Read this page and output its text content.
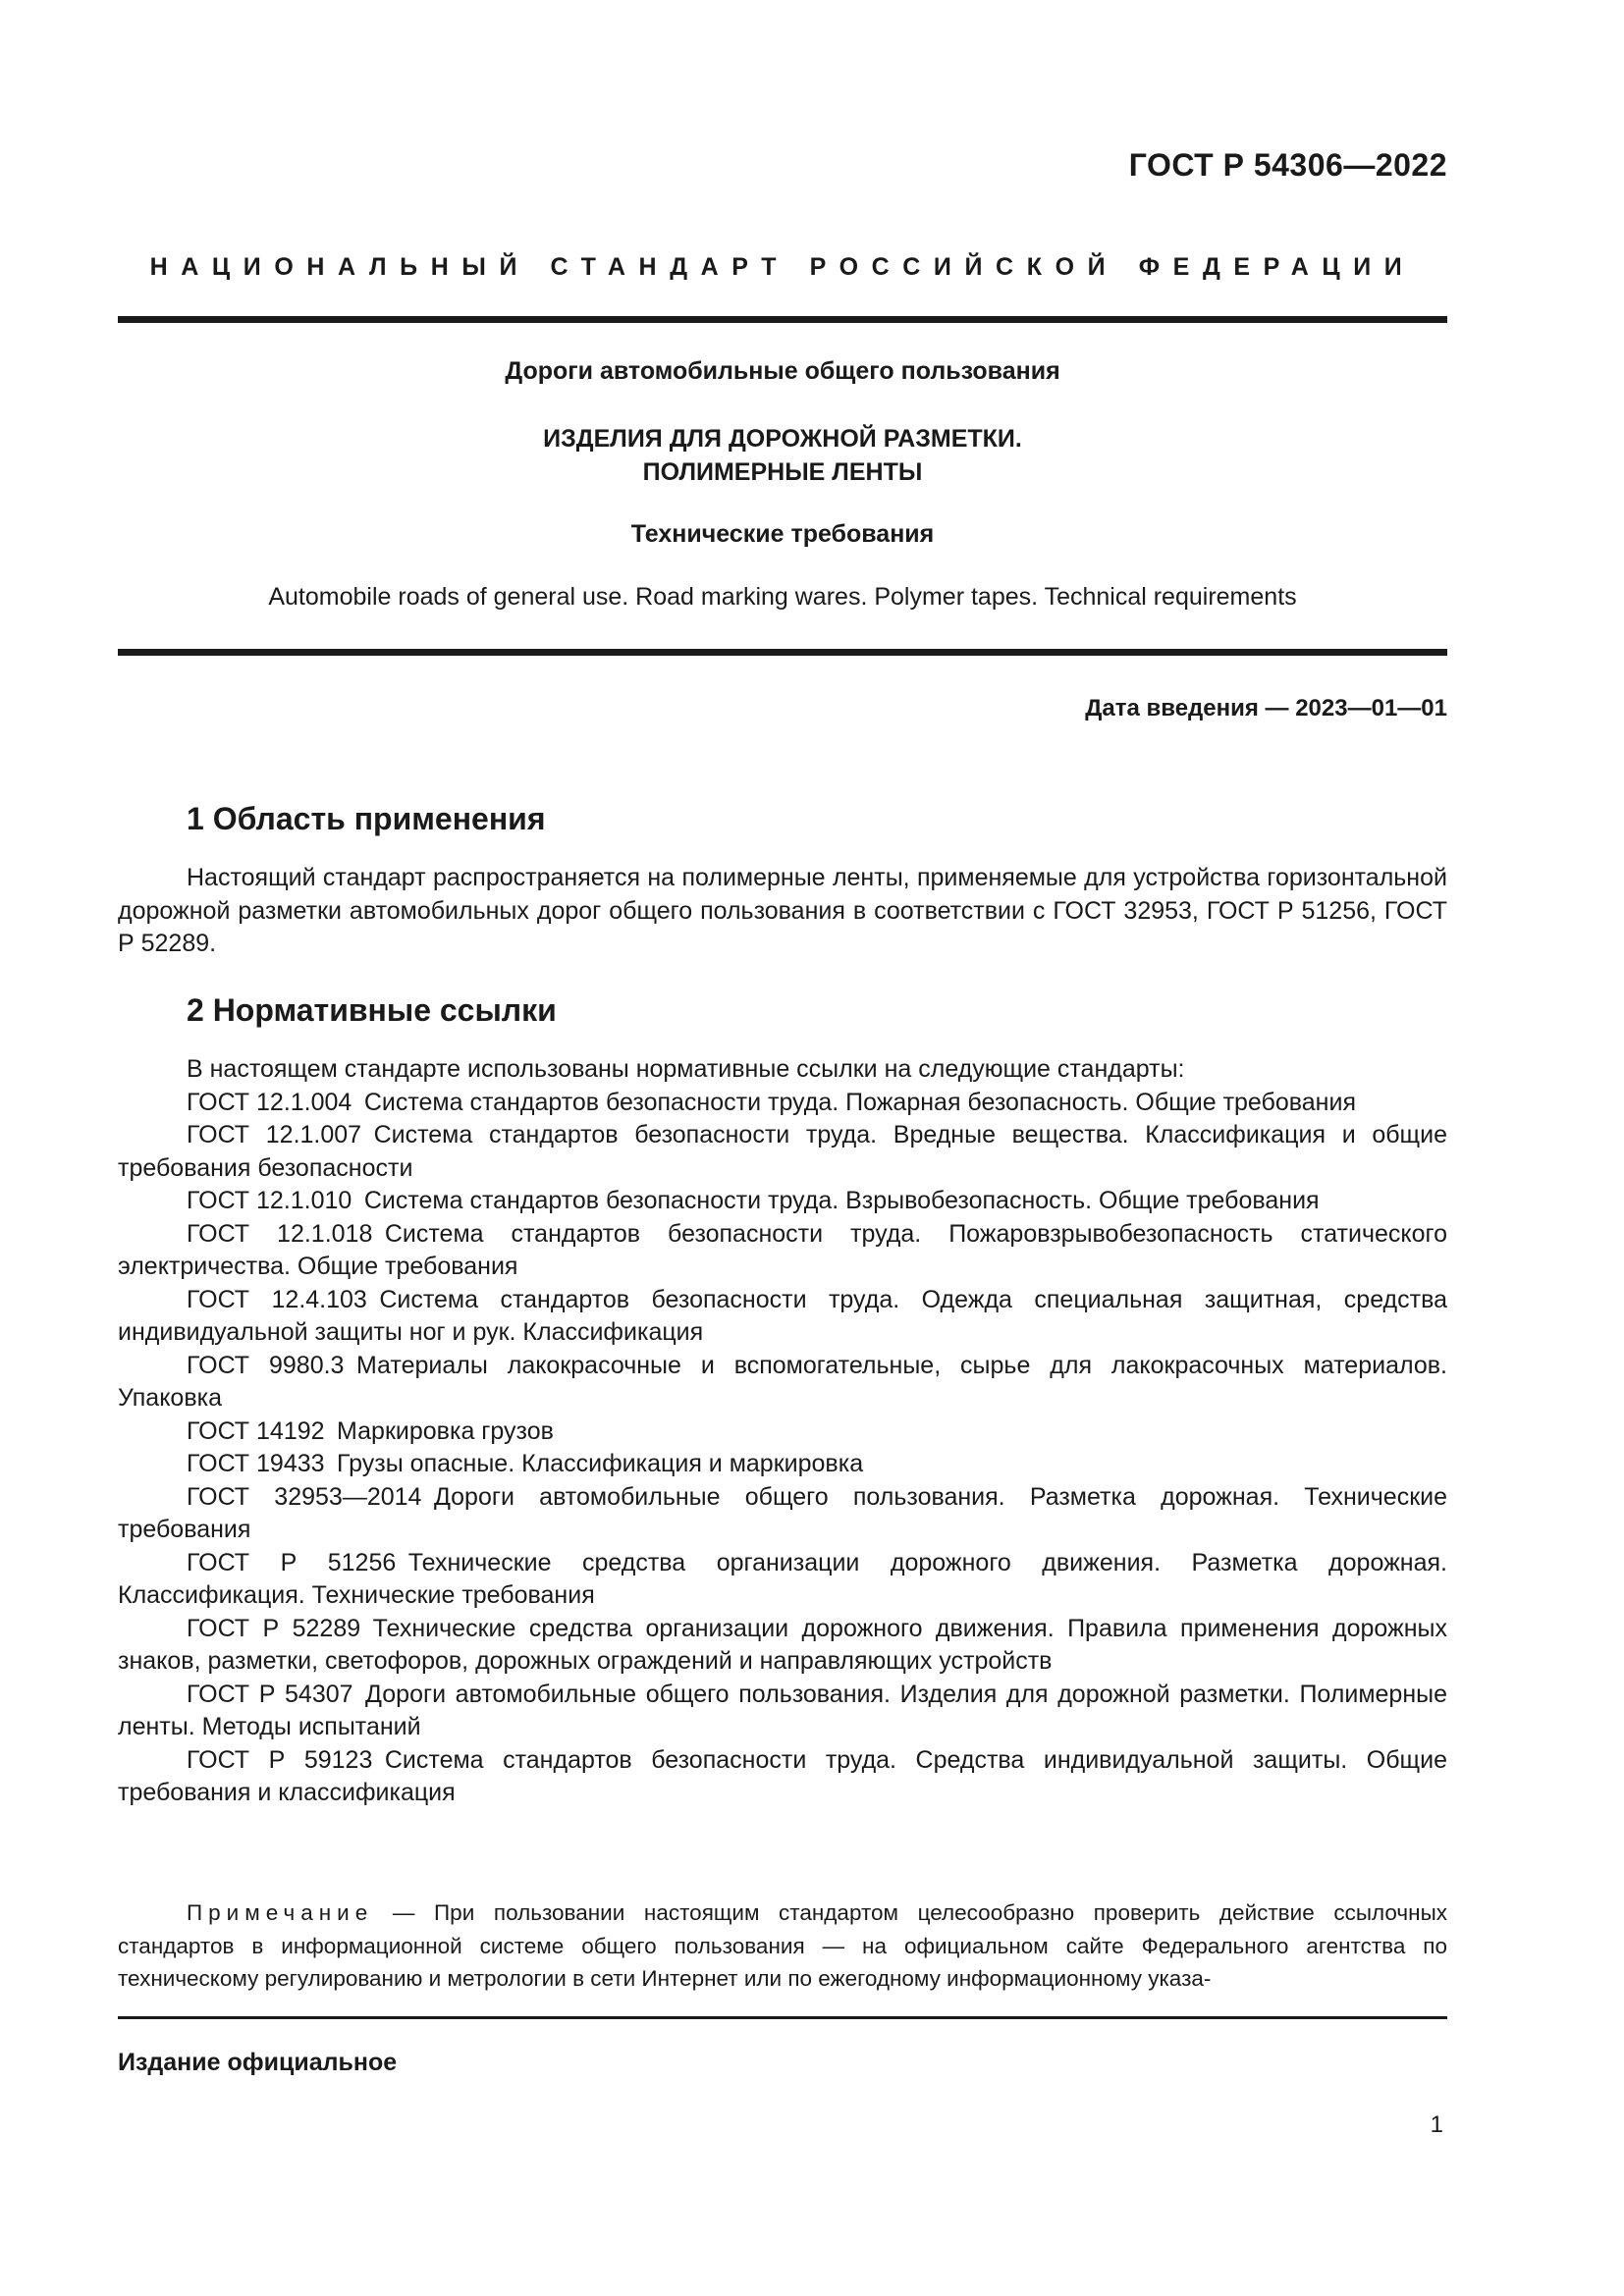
ГОСТ Р 54306—2022
НАЦИОНАЛЬНЫЙ СТАНДАРТ РОССИЙСКОЙ ФЕДЕРАЦИИ
Дороги автомобильные общего пользования
ИЗДЕЛИЯ ДЛЯ ДОРОЖНОЙ РАЗМЕТКИ.
ПОЛИМЕРНЫЕ ЛЕНТЫ
Технические требования
Automobile roads of general use. Road marking wares. Polymer tapes. Technical requirements
Дата введения — 2023—01—01
1 Область применения

Настоящий стандарт распространяется на полимерные ленты, применяемые для устройства горизонтальной дорожной разметки автомобильных дорог общего пользования в соответствии с ГОСТ 32953, ГОСТ Р 51256, ГОСТ Р 52289.

2 Нормативные ссылки

В настоящем стандарте использованы нормативные ссылки на следующие стандарты:

ГОСТ 12.1.004  Система стандартов безопасности труда. Пожарная безопасность. Общие требования

ГОСТ 12.1.007  Система стандартов безопасности труда. Вредные вещества. Классификация и общие требования безопасности

ГОСТ 12.1.010  Система стандартов безопасности труда. Взрывобезопасность. Общие требования

ГОСТ 12.1.018  Система стандартов безопасности труда. Пожаровзрывобезопасность статического электричества. Общие требования

ГОСТ 12.4.103  Система стандартов безопасности труда. Одежда специальная защитная, средства индивидуальной защиты ног и рук. Классификация

ГОСТ 9980.3  Материалы лакокрасочные и вспомогательные, сырье для лакокрасочных материалов. Упаковка

ГОСТ 14192  Маркировка грузов

ГОСТ 19433  Грузы опасные. Классификация и маркировка

ГОСТ 32953—2014  Дороги автомобильные общего пользования. Разметка дорожная. Технические требования

ГОСТ Р 51256  Технические средства организации дорожного движения. Разметка дорожная. Классификация. Технические требования

ГОСТ Р 52289  Технические средства организации дорожного движения. Правила применения дорожных знаков, разметки, светофоров, дорожных ограждений и направляющих устройств

ГОСТ Р 54307  Дороги автомобильные общего пользования. Изделия для дорожной разметки. Полимерные ленты. Методы испытаний

ГОСТ Р 59123  Система стандартов безопасности труда. Средства индивидуальной защиты. Общие требования и классификация

Примечание — При пользовании настоящим стандартом целесообразно проверить действие ссылочных стандартов в информационной системе общего пользования — на официальном сайте Федерального агентства по техническому регулированию и метрологии в сети Интернет или по ежегодному информационному указа-
Издание официальное
1
